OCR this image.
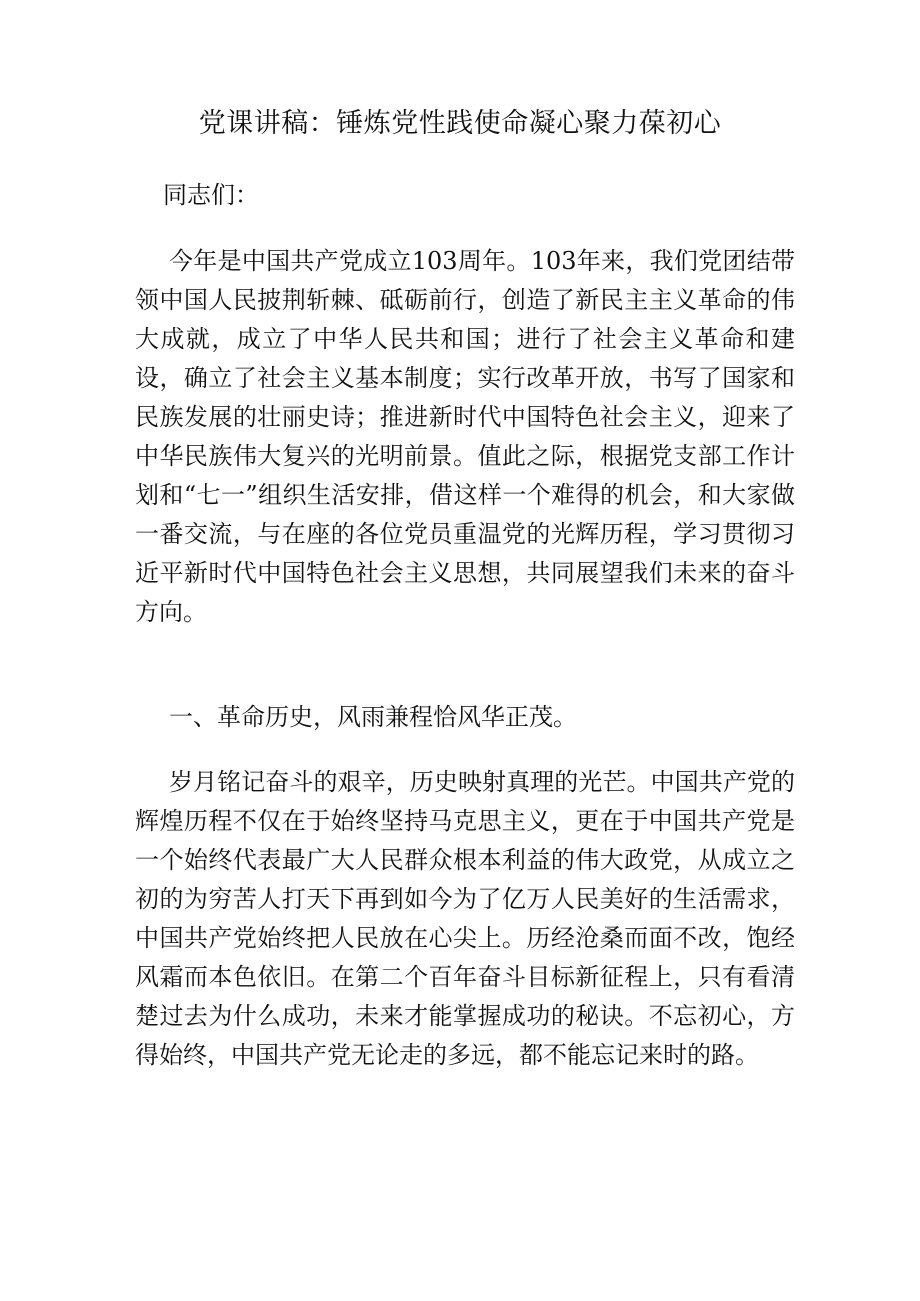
党课讲稿：锤炼党性践使命凝心聚力葆初心
同志们：
今年是中国共产党成立103周年。103年来，我们党团结带领中国人民披荆斩棘、砥砺前行，创造了新民主主义革命的伟大成就，成立了中华人民共和国；进行了社会主义革命和建设，确立了社会主义基本制度；实行改革开放，书写了国家和民族发展的壮丽史诗；推进新时代中国特色社会主义，迎来了中华民族伟大复兴的光明前景。值此之际，根据党支部工作计划和“七一”组织生活安排，借这样一个难得的机会，和大家做一番交流，与在座的各位党员重温党的光辉历程，学习贯彻习近平新时代中国特色社会主义思想，共同展望我们未来的奋斗方向。
一、革命历史，风雨兼程恰风华正茂。
岁月铭记奋斗的艰辛，历史映射真理的光芒。中国共产党的辉煌历程不仅在于始终坚持马克思主义，更在于中国共产党是一个始终代表最广大人民群众根本利益的伟大政党，从成立之初的为穷苦人打天下再到如今为了亿万人民美好的生活需求，中国共产党始终把人民放在心尖上。历经沧桑而面不改，饱经风霜而本色依旧。在第二个百年奋斗目标新征程上，只有看清楚过去为什么成功，未来才能掌握成功的秘诀。不忘初心，方得始终，中国共产党无论走的多远，都不能忘记来时的路。
